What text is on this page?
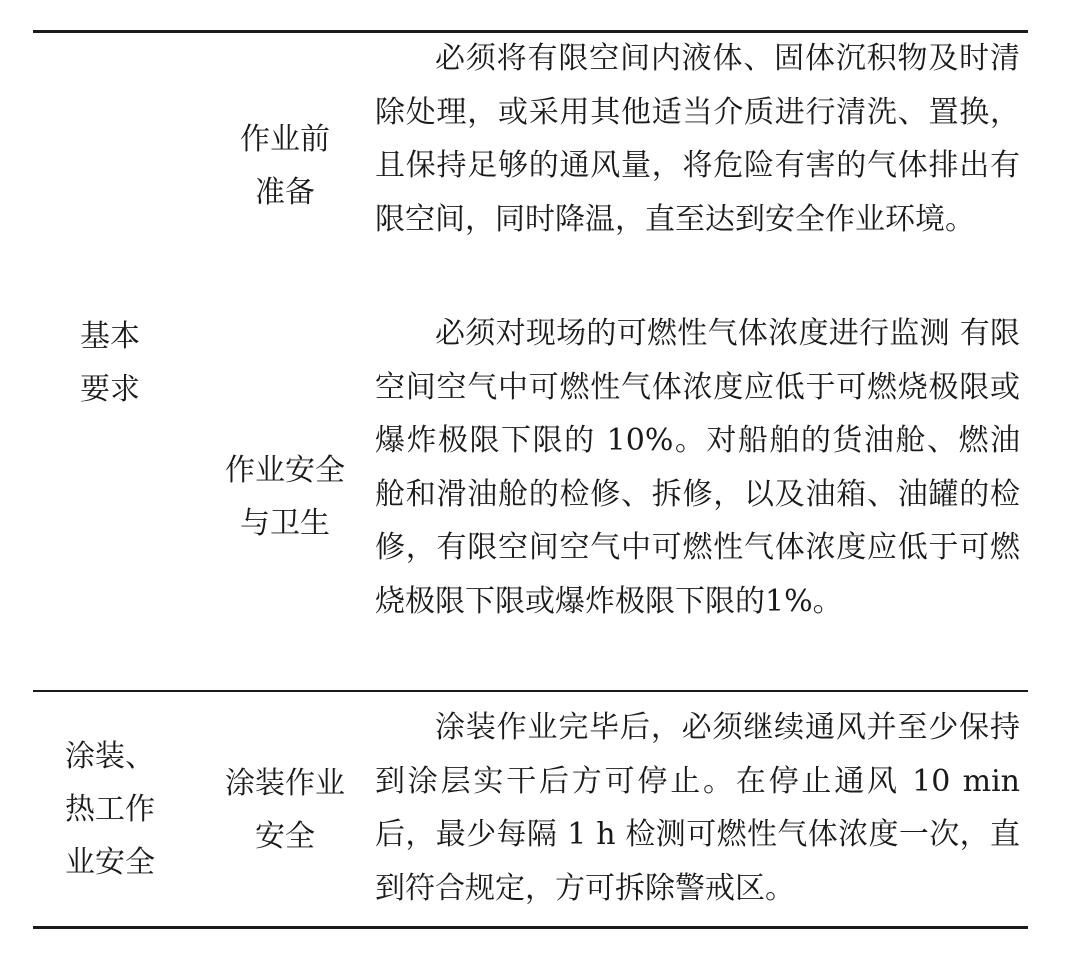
基本
要求
作业前
准备
必须将有限空间内液体、固体沉积物及时清除处理，或采用其他适当介质进行清洗、置换，且保持足够的通风量，将危险有害的气体排出有限空间，同时降温，直至达到安全作业环境。
作业安全
与卫生
必须对现场的可燃性气体浓度进行监测 有限空间空气中可燃性气体浓度应低于可燃烧极限或爆炸极限下限的 10%。对船舶的货油舱、燃油舱和滑油舱的检修、拆修，以及油箱、油罐的检修，有限空间空气中可燃性气体浓度应低于可燃烧极限下限或爆炸极限下限的1%。
涂装、
热工作
业安全
涂装作业
安全
涂装作业完毕后，必须继续通风并至少保持到涂层实干后方可停止。在停止通风 10 min后，最少每隔 1 h 检测可燃性气体浓度一次，直到符合规定，方可拆除警戒区。
